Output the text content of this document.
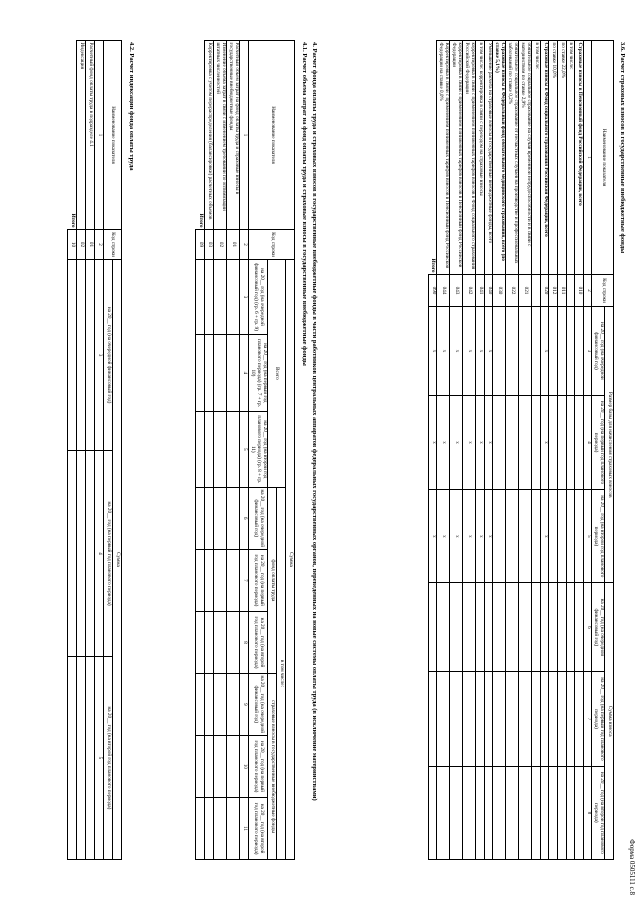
Форма 0505111 с.8
3.6. Расчет страховых взносов в государственные внебюджетные фонды
Наименование показателя	Код строки	Размер базы для начисления страховых взносов			Сумма взноса		
		на 20__ год (на очередной финансовый год)	на 20__ год (на первый год планового периода)	на 20__ год (на второй год планового периода)	на 20__ год (на очередной финансовый год)	на 20__ год (на первый год планового периода)	на 20__ год (на второй год планового периода)
1	2	3	4	5	6	7	8
Страховые взносы в Пенсионный фонд Российской Федерации, всего	010						
в том числе:							
по ставке 22,0%	011						
по ставке 10,0%	012						
Страховые взносы в Фонд социального страхования Российской Федерации, всего	020	x	x	x			
в том числе:							
обязательное социальное страхование на случай временной нетрудоспособности и в связи с материнством по ставке 2,9%	021						
обязательное социальное страхование от несчастных случаев на производстве и профессиональных заболеваний по ставке 0,2%	022						
Страховые взносы в Федеральный фонд обязательного медицинского страхования, всего (по ставке 5,1%)	030						
Уменьшение расчета на страховые взносы в государственные внебюджетные фонды, всего	040	x	x	x			
в том числе: корректировка в связи с переходом на страховые взносы	041	x	x	x			
корректировка в связи с применением пониженных тарифов взносов в Фонд социального страхования Российской Федерации	042	x	x	x			
корректировка в связи с применением пониженных тарифов взносов в Пенсионный фонд Российской Федерации	043	x	x	x			
Корректировка в связи с применением пониженных тарифов взносов в Пенсионный фонд Российской Федерации на ставке 0,0%	044	x	x	x			
Итого	090	x	x	x			
4. Расчет фонда оплаты труда и страховых взносов в государственные внебюджетные фонды в части работников центральных аппаратов федеральных государственных органов, переведенных на новые системы оплаты труда (в исключение материнствами)
4.1. Расчет объема затрат на фонд оплаты труда и страховые взносы в государственные внебюджетные фонды
Наименование показателя	Код строки	Сумма								
		Всего			в том числе:					
					фонд оплаты труда			страховые взносы в государственные внебюджетные фонды		
		на 20__ год (на очередной финансовый год) (гр. 6 + гр. 9)	на 20__ год (на первый год планового периода) (гр. 7 + гр. 10)	на 20__ год (на второй год планового периода) (гр. 8 + гр. 11)	на 20__ год (на очередной финансовый год)	на 20__ год (на первый год планового периода)	на 20__ год (на второй год планового периода)	на 20__ год (на очередной финансовый год)	на 20__ год (на первый год планового периода)	на 20__ год (на второй год планового периода)
1	2	3	4	5	6	7	8	9	10	11
Расчетный объем затрат на фонд оплаты труда и страховые взносы в государственные внебюджетные фонды	01									
Изменение объема затрат в связи с изменением требований по оптимизации штатных численностей	02									
Корректировка с учетом перераспределения (балансировки) расчетных объемов	03									
Итого	09									
4.2. Расчет индексации фонда оплаты труда
Наименование показателя	Код строки	Сумма		
		на 20__ год (на очередной финансовый год)	на 20__ год (на первый год планового периода)	на 20__ год (на второй год планового периода)
1	2	3	4	5
Расчетный фонд оплаты труда в подразделе 4.1	01			
Индексация	02			
Итого	10			
